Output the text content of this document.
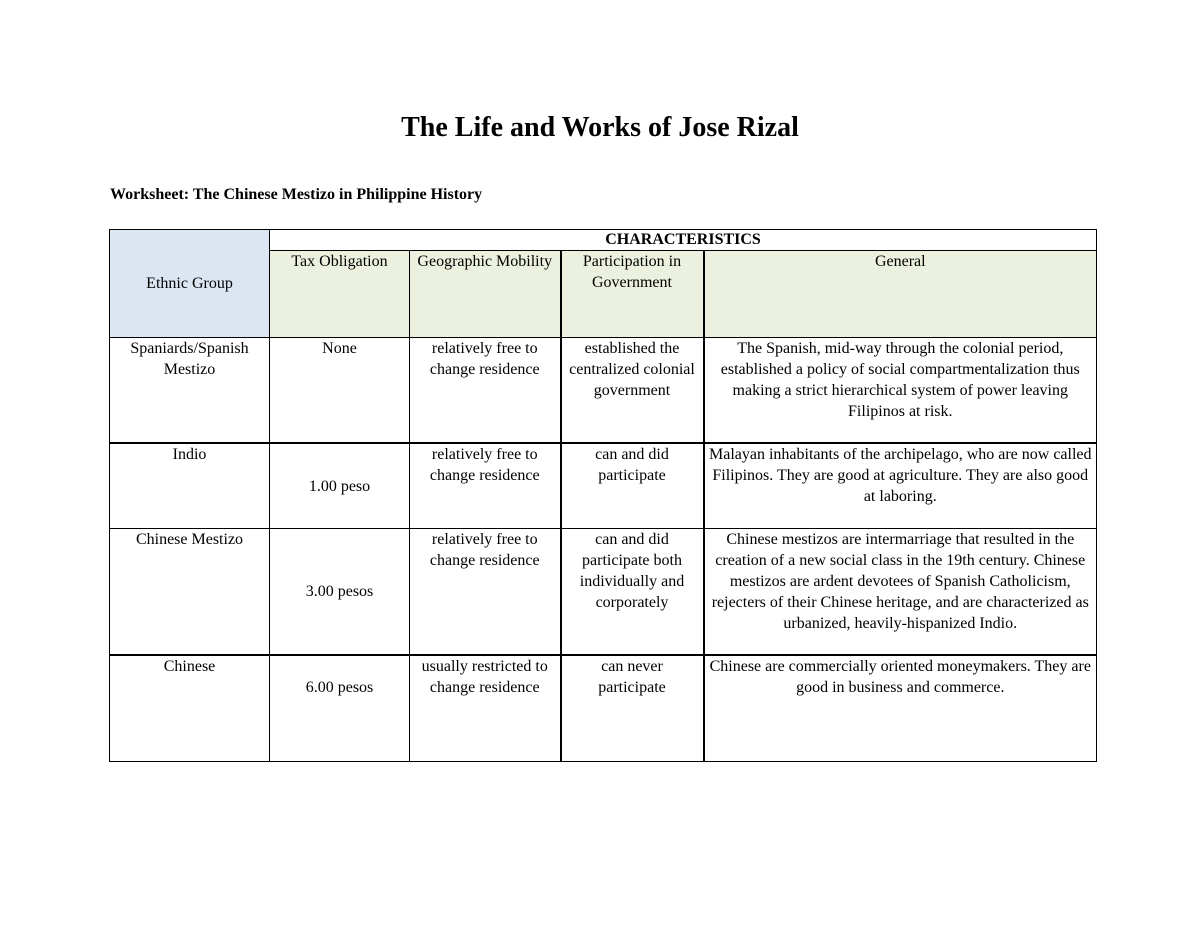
The Life and Works of Jose Rizal
Worksheet: The Chinese Mestizo in Philippine History
Ethnic Group	CHARACTERISTICS			
	Tax Obligation	Geographic Mobility	Participation in Government	General
Spaniards/Spanish Mestizo	None	relatively free to change residence	established the centralized colonial government	The Spanish, mid-way through the colonial period, established a policy of social compartmentalization thus making a strict hierarchical system of power leaving Filipinos at risk.
Indio	1.00 peso	relatively free to change residence	can and did participate	Malayan inhabitants of the archipelago, who are now called Filipinos. They are good at agriculture. They are also good at laboring.
Chinese Mestizo	3.00 pesos	relatively free to change residence	can and did participate both individually and corporately	Chinese mestizos are intermarriage that resulted in the creation of a new social class in the 19th century. Chinese mestizos are ardent devotees of Spanish Catholicism, rejecters of their Chinese heritage, and are characterized as urbanized, heavily-hispanized Indio.
Chinese	6.00 pesos	usually restricted to change residence	can never participate	Chinese are commercially oriented moneymakers. They are good in business and commerce.
